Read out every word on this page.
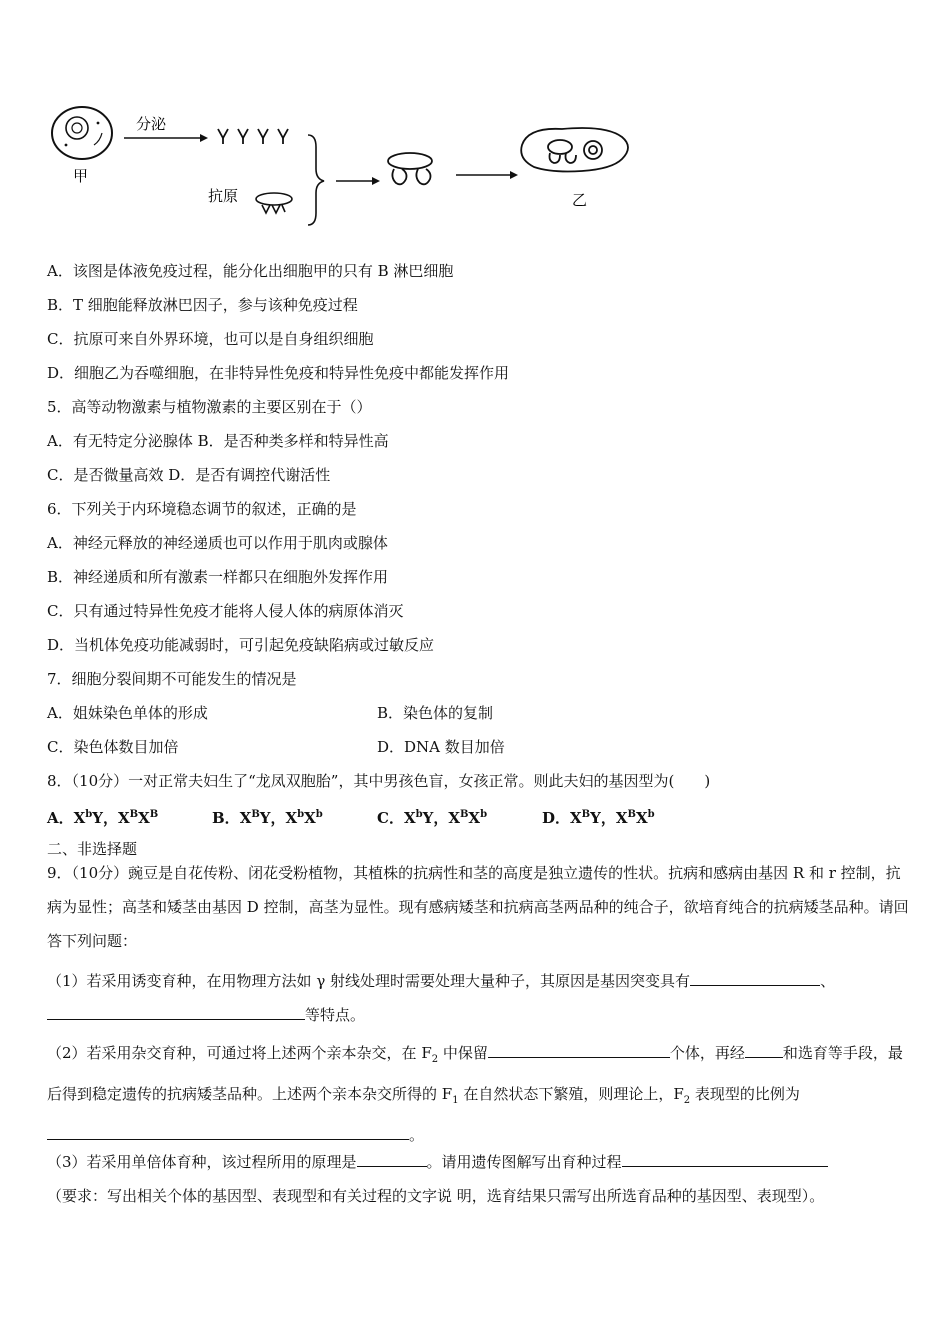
甲
分泌
抗原	乙
A．该图是体液免疫过程，能分化出细胞甲的只有 B 淋巴细胞
B．T 细胞能释放淋巴因子，参与该种免疫过程
C．抗原可来自外界环境，也可以是自身组织细胞
D．细胞乙为吞噬细胞，在非特异性免疫和特异性免疫中都能发挥作用
5．高等动物激素与植物激素的主要区别在于（）
A．有无特定分泌腺体 B．是否种类多样和特异性高
C．是否微量高效 D．是否有调控代谢活性
6．下列关于内环境稳态调节的叙述，正确的是
A．神经元释放的神经递质也可以作用于肌肉或腺体
B．神经递质和所有激素一样都只在细胞外发挥作用
C．只有通过特异性免疫才能将人侵人体的病原体消灭
D．当机体免疫功能减弱时，可引起免疫缺陷病或过敏反应
7．细胞分裂间期不可能发生的情况是
A．姐妹染色单体的形成	B．染色体的复制
C．染色体数目加倍	D．DNA 数目加倍
8．（10分）一对正常夫妇生了“龙凤双胞胎”，其中男孩色盲，女孩正常。则此夫妇的基因型为(　　)
A．$X^bY$，$X^BX^B$	B．$X^BY$，$X^bX^b$	C．$X^bY$，$X^BX^b$	D．$X^BY$，$X^BX^b$
二、非选择题
9．（10分）豌豆是自花传粉、闭花受粉植物，其植株的抗病性和茎的高度是独立遗传的性状。抗病和感病由基因 R 和 r 控制，抗病为显性；高茎和矮茎由基因 D 控制，高茎为显性。现有感病矮茎和抗病高茎两品种的纯合子，欲培育纯合的抗病矮茎品种。请回答下列问题：
（1）若采用诱变育种，在用物理方法如 γ 射线处理时需要处理大量种子，其原因是基因突变具有	、
等特点。
（2）若采用杂交育种，可通过将上述两个亲本杂交，在 $F_2$ 中保留	个体，再经	和选育等手段，最后得到稳定遗传的抗病矮茎品种。上述两个亲本杂交所得的 $F_1$ 在自然状态下繁殖，则理论上，$F_2$ 表现型的比例为。
（3）若采用单倍体育种，该过程所用的原理是	。请用遗传图解写出育种过程
（要求：写出相关个体的基因型、表现型和有关过程的文字说 明，选育结果只需写出所选育品种的基因型、表现型）。
